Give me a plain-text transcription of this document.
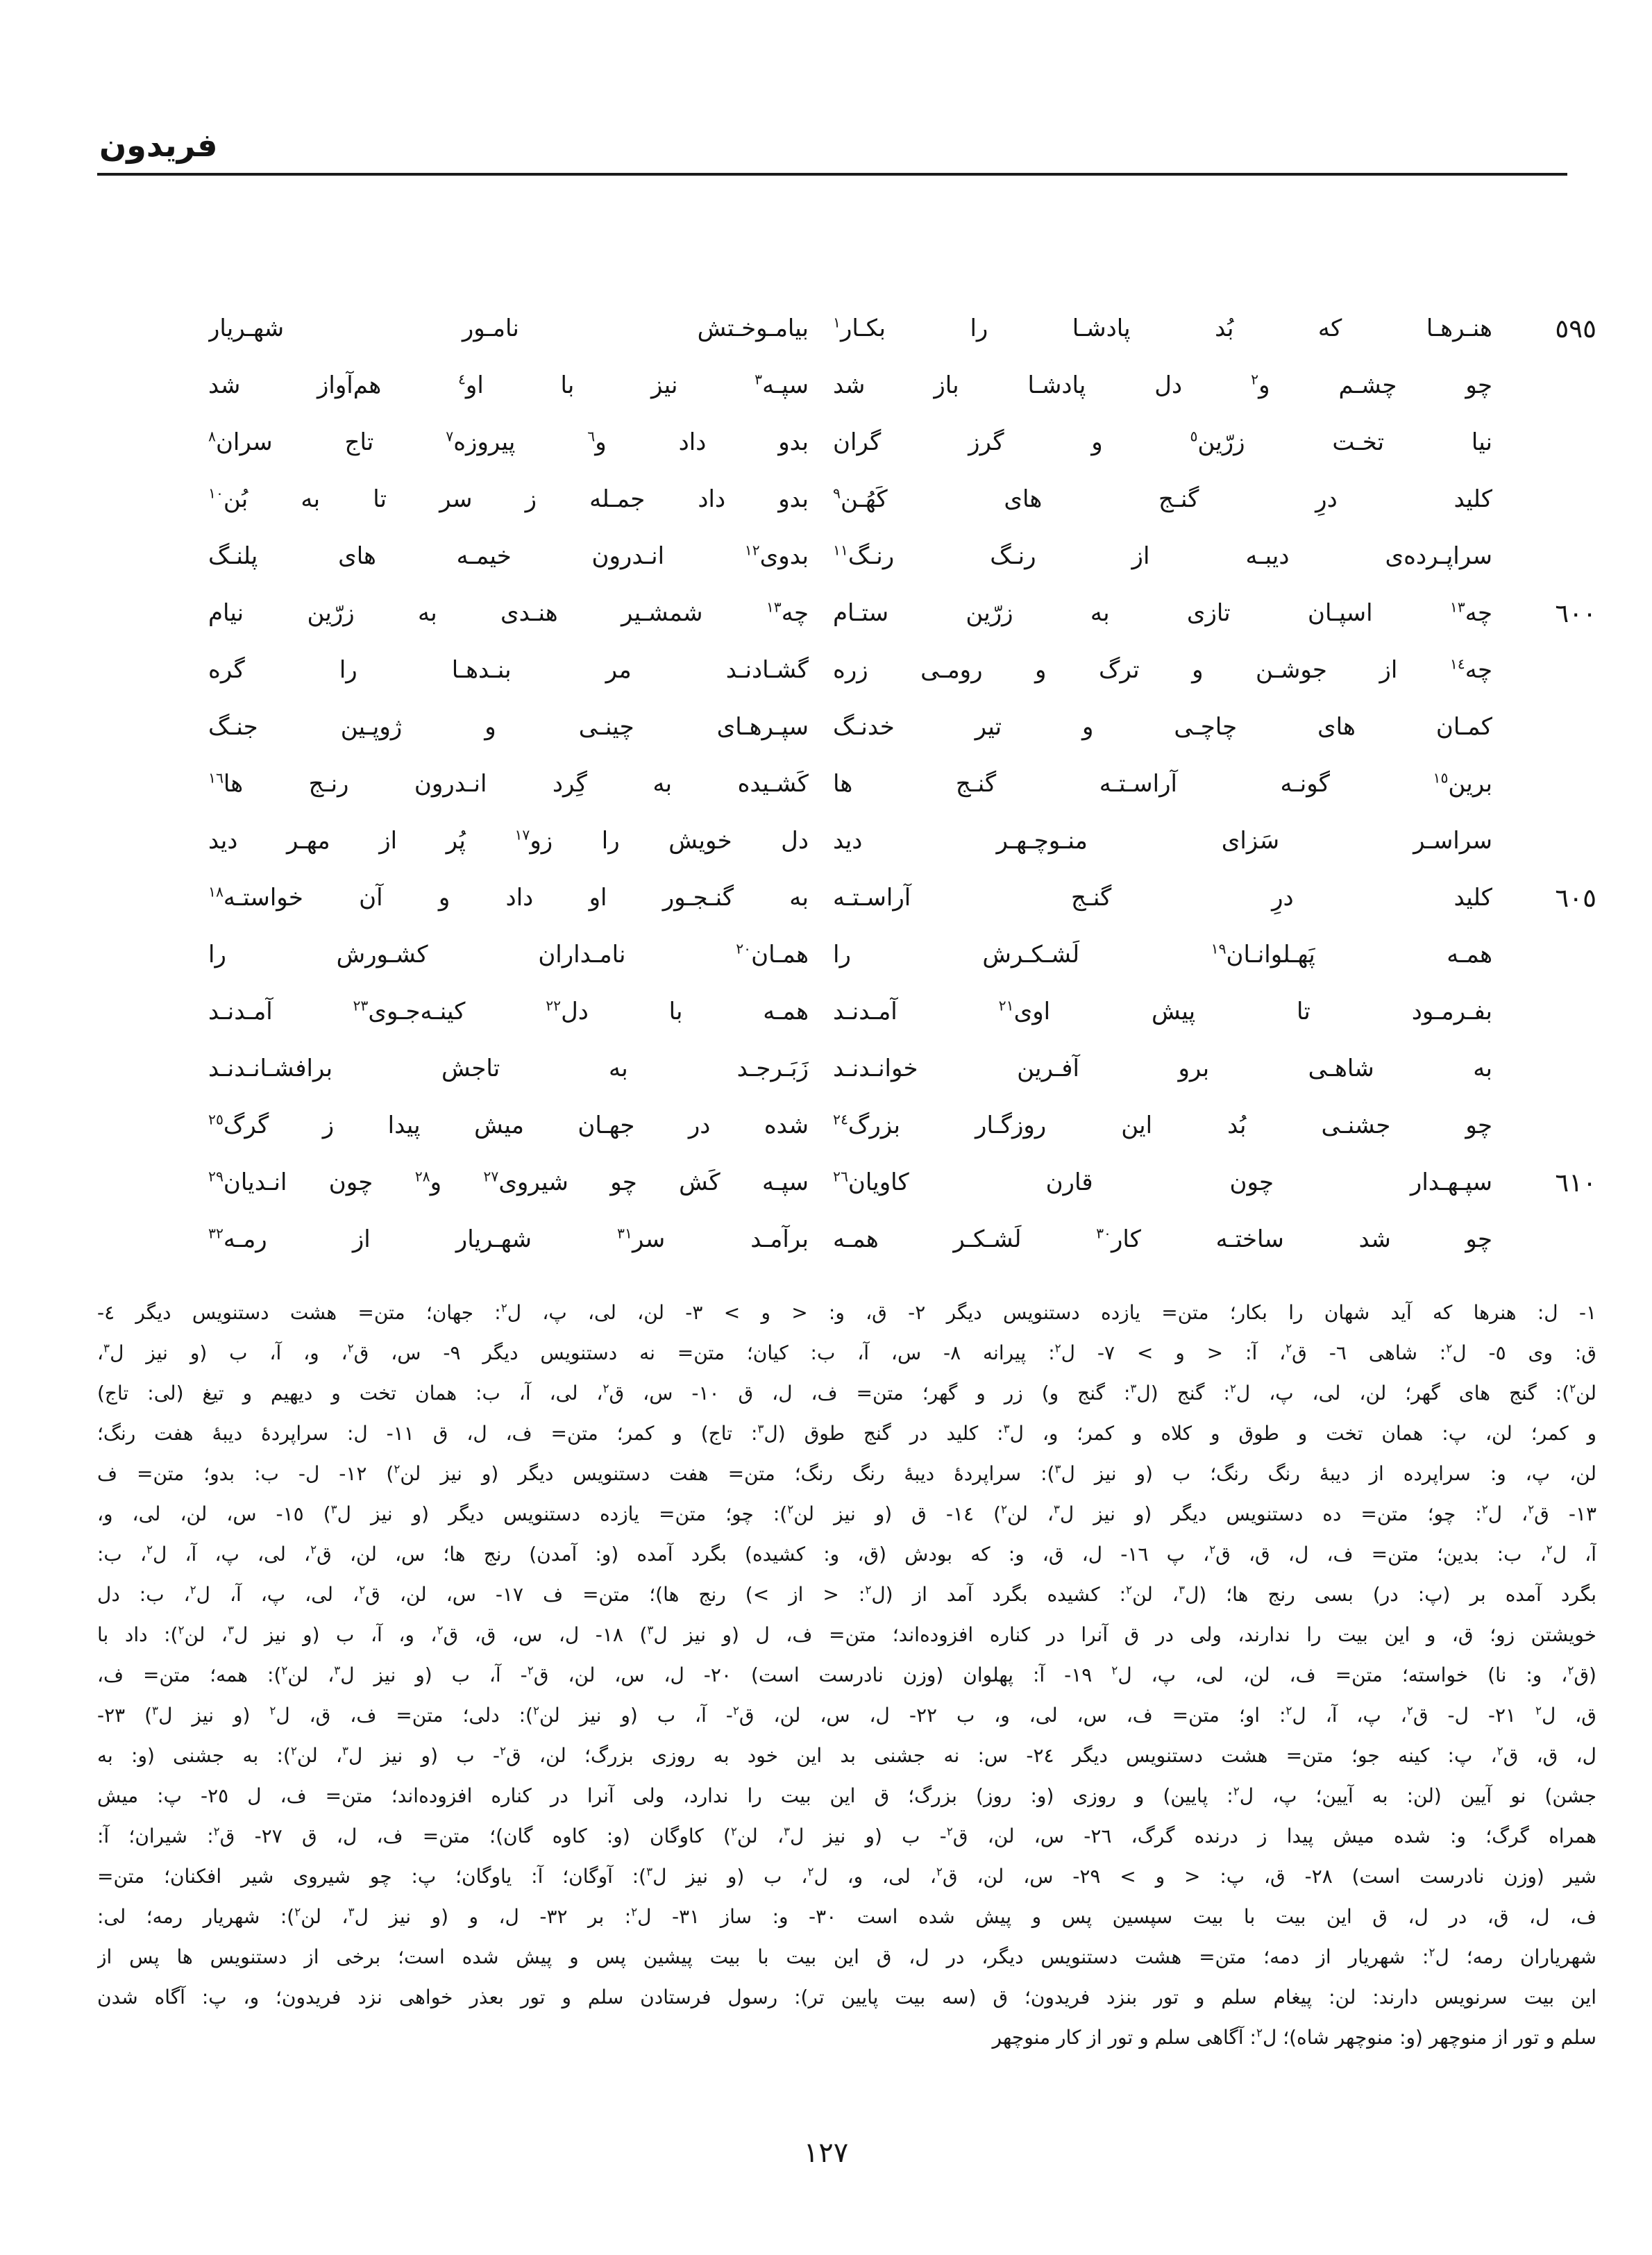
فریدون
٥٩٥
هنـرهـا که بُد پادشـا را بکـار$^١$
بیامـوخـتش نامـور شهـریار
چو چشـم و$^٢$ دل پادشـا باز شد
سپـه$^٣$ نیز با او$^٤$ هم‌آواز شد
نیا تخـت زرّین$^٥$ و گرز گران
بدو داد و$^٦$ پیروزه$^٧$ تاج سران$^٨$
کلید درِ گنـج های کَهُـن$^٩$
بدو داد جمـله ز سر تا به بُن$^{١٠}$
سراپـرده‌ی دیبـه از رنـگ رنـگ$^{١١}$
بدوی$^{١٢}$ انـدرون خیمـه های پلنـگ
٦٠٠
چه$^{١٣}$ اسپـان تازی به زرّین ستـام
چه$^{١٣}$ شمشـیر هنـدی به زرّین نیام
چه$^{١٤}$ از جوشـن و ترگ و رومـی زره
گشـادنـد مر بنـدهـا را گره
کمـان های چاچـی و تیر خدنـگ
سپـرهـای چینـی و ژوپـین جنـگ
برین$^{١٥}$ گونـه آراسـتـه گنـج ها
کَشـیده به گِرد انـدرون رنـج ها$^{١٦}$
سراسـر سَزای منـوچـهـر دید
دل خویش را زو$^{١٧}$ پُر از مهـر دید
٦٠٥
کلید درِ گنـج آراسـتـه
به گنـجـور او داد و آن خواستـه$^{١٨}$
همـه پَهـلوانـان$^{١٩}$ لَشـکـرش را
همـان$^{٢٠}$ نامـداران کشـورش را
بفـرمـود تا پیش اوی$^{٢١}$ آمـدنـد
همـه با دل$^{٢٢}$ کینـه‌جـوی$^{٢٣}$ آمـدنـد
به شاهـی برو آفـرین خوانـدنـد
زَبَـرجـد به تاجش برافشـانـدنـد
چو جشنـی بُد این روزگـار بزرگ$^{٢٤}$
شده در جهـان میش پیدا ز گرگ$^{٢٥}$
٦١٠
سپـهـدار چون قارن کاویان$^{٢٦}$
سپـه کَش چو شیروی$^{٢٧}$ و$^{٢٨}$ چون انـدیان$^{٢٩}$
چو شد ساختـه کار$^{٣٠}$ لَشـکـر همـه
برآمـد سر$^{٣١}$ شهـریار از رمـه$^{٣٢}$
١- ل: هنرها که آید شهان را بکار؛ متن= یازده دستنویس دیگر ٢- ق، و: < و > ٣- لن، لی، پ، ل$^٢$: جهان؛ متن= هشت دستنویس دیگر ٤-
ق: وی ٥- ل$^٢$: شاهی ٦- ق$^٢$، آ: < و > ٧- ل$^٢$: پیرانه ٨- س، آ، ب: کیان؛ متن= نه دستنویس دیگر ٩- س، ق$^٢$، و، آ، ب (و نیز ل$^٣$،
لن$^٢$): گنج های گهر؛ لن، لی، پ، ل$^٢$: گنج (ل$^٣$: گنج و) زر و گهر؛ متن= ف، ل، ق ١٠- س، ق$^٢$، لی، آ، ب: همان تخت و دیهیم و تیغ (لی: تاج)
و کمر؛ لن، پ: همان تخت و طوق و کلاه و کمر؛ و، ل$^٣$: کلید در گنج طوق (ل$^٣$: تاج) و کمر؛ متن= ف، ل، ق ١١- ل: سراپردهٔ دیبهٔ هفت رنگ؛
لن، پ، و: سراپرده از دیبهٔ رنگ رنگ؛ ب (و نیز ل$^٣$): سراپردهٔ دیبهٔ رنگ رنگ؛ متن= هفت دستنویس دیگر (و نیز لن$^٢$) ١٢- ل- ب: بدو؛ متن= ف
١٣- ق$^٢$، ل$^٢$: چو؛ متن= ده دستنویس دیگر (و نیز ل$^٣$، لن$^٢$) ١٤- ق (و نیز لن$^٢$): چو؛ متن= یازده دستنویس دیگر (و نیز ل$^٣$) ١٥- س، لن، لی، و،
آ، ل$^٢$، ب: بدین؛ متن= ف، ل، ق، ق$^٢$، پ ١٦- ل، ق، و: که بودش (ق، و: کشیده) بگرد آمده (و: آمدن) رنج ها؛ س، لن، ق$^٢$، لی، پ، آ، ل$^٢$، ب:
بگرد آمده بر (پ: در) بسی رنج ها؛ (ل$^٣$، لن$^٢$: کشیده بگرد آمد از (ل$^٢$: < از >) رنج ها)؛ متن= ف ١٧- س، لن، ق$^٢$، لی، پ، آ، ل$^٢$، ب: دل
خویشتن زو؛ ق، و این بیت را ندارند، ولی در ق آنرا در کناره افزوده‌اند؛ متن= ف، ل (و نیز ل$^٣$) ١٨- ل، س، ق، ق$^٢$، و، آ، ب (و نیز ل$^٣$، لن$^٢$): داد با
(ق$^٢$، و: نا) خواسته؛ متن= ف، لن، لی، پ، ل$^٢$ ١٩- آ: پهلوان (وزن نادرست است) ٢٠- ل، س، لن، ق$^٢$- آ، ب (و نیز ل$^٣$، لن$^٢$): همه؛ متن= ف،
ق، ل$^٢$ ٢١- ل- ق$^٢$، پ، آ، ل$^٢$: او؛ متن= ف، س، لی، و، ب ٢٢- ل، س، لن، ق$^٢$- آ، ب (و نیز لن$^٢$): دلی؛ متن= ف، ق، ل$^٢$ (و نیز ل$^٣$) ٢٣-
ل، ق، ق$^٢$، پ: کینه جو؛ متن= هشت دستنویس دیگر ٢٤- س: نه جشنی بد این خود به روزی بزرگ؛ لن، ق$^٢$- ب (و نیز ل$^٣$، لن$^٢$): به جشنی (و: به
جشن) نو آیین (لن: به آیین؛ پ، ل$^٢$: پایین) و روزی (و: روز) بزرگ؛ ق این بیت را ندارد، ولی آنرا در کناره افزوده‌اند؛ متن= ف، ل ٢٥- پ: میش
همراه گرگ؛ و: شده میش پیدا ز درنده گرگ، ٢٦- س، لن، ق$^٢$- ب (و نیز ل$^٣$، لن$^٢$) کاوگان (و: کاوه گان)؛ متن= ف، ل، ق ٢٧- ق$^٢$: شیران؛ آ:
شیر (وزن نادرست است) ٢٨- ق، پ: < و > ٢٩- س، لن، ق$^٢$، لی، و، ل$^٢$، ب (و نیز ل$^٣$): آوگان؛ آ: یاوگان؛ پ: چو شیروی شیر افکنان؛ متن=
ف، ل، ق، در ل، ق این بیت با بیت سپسین پس و پیش شده است ٣٠- و: ساز ٣١- ل$^٢$: بر ٣٢- ل، و (و نیز ل$^٣$، لن$^٢$): شهریار رمه؛ لی:
شهریاران رمه؛ ل$^٢$: شهریار از دمه؛ متن= هشت دستنویس دیگر، در ل، ق این بیت با بیت پیشین پس و پیش شده است؛ برخی از دستنویس ها پس از
این بیت سرنویس دارند: لن: پیغام سلم و تور بنزد فریدون؛ ق (سه بیت پایین تر): رسول فرستادن سلم و تور بعذر خواهی نزد فریدون؛ و، پ: آگاه شدن
سلم و تور از منوچهر (و: منوچهر شاه)؛ ل$^٢$: آگاهی سلم و تور از کار منوچهر
١٢٧
